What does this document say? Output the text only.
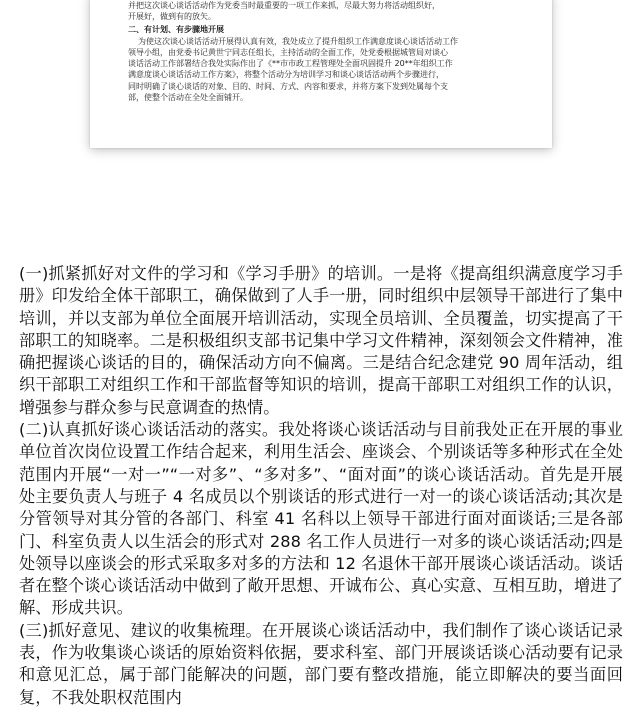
并把这次谈心谈话活动作为党委当时最重要的一项工作来抓，尽最大努力将活动组织好，
开展好，做到有的放矢。
二、有计划、有步骤地开展
为使这次谈心谈话活动开展得认真有效，我处成立了提升组织工作满意度谈心谈话活动工作
领导小组，由党委书记黄世宁同志任组长，主持活动的全面工作，处党委根据城管局对谈心
谈话活动工作部署结合我处实际作出了《**市市政工程管理处全面巩固提升 20**年组织工作
满意度谈心谈话活动工作方案》，将整个活动分为培训学习和谈心谈话活动两个步骤进行，
同时明确了谈心谈话的对象、目的、时间、方式、内容和要求，并将方案下发到处属每个支
部，使整个活动在全处全面铺开。

(一)抓紧抓好对文件的学习和《学习手册》的培训。一是将《提高组织满意度学习手册》印发给全体干部职工，确保做到了人手一册，同时组织中层领导干部进行了集中培训，并以支部为单位全面展开培训活动，实现全员培训、全员覆盖，切实提高了干部职工的知晓率。二是积极组织支部书记集中学习文件精神，深刻领会文件精神，准确把握谈心谈话的目的，确保活动方向不偏离。三是结合纪念建党 90 周年活动，组织干部职工对组织工作和干部监督等知识的培训，提高干部职工对组织工作的认识，增强参与群众参与民意调查的热情。

(二)认真抓好谈心谈话活动的落实。我处将谈心谈话活动与目前我处正在开展的事业单位首次岗位设置工作结合起来，利用生活会、座谈会、个别谈话等多种形式在全处范围内开展“一对一”“一对多”、“多对多”、“面对面”的谈心谈话活动。首先是开展处主要负责人与班子 4 名成员以个别谈话的形式进行一对一的谈心谈话活动;其次是分管领导对其分管的各部门、科室 41 名科以上领导干部进行面对面谈话;三是各部门、科室负责人以生活会的形式对 288 名工作人员进行一对多的谈心谈话活动;四是处领导以座谈会的形式采取多对多的方法和 12 名退休干部开展谈心谈话活动。谈话者在整个谈心谈话活动中做到了敞开思想、开诚布公、真心实意、互相互助，增进了解、形成共识。

(三)抓好意见、建议的收集梳理。在开展谈心谈话活动中，我们制作了谈心谈话记录表，作为收集谈心谈话的原始资料依据，要求科室、部门开展谈话谈心活动要有记录和意见汇总，属于部门能解决的问题，部门要有整改措施，能立即解决的要当面回复，不我处职权范围内
